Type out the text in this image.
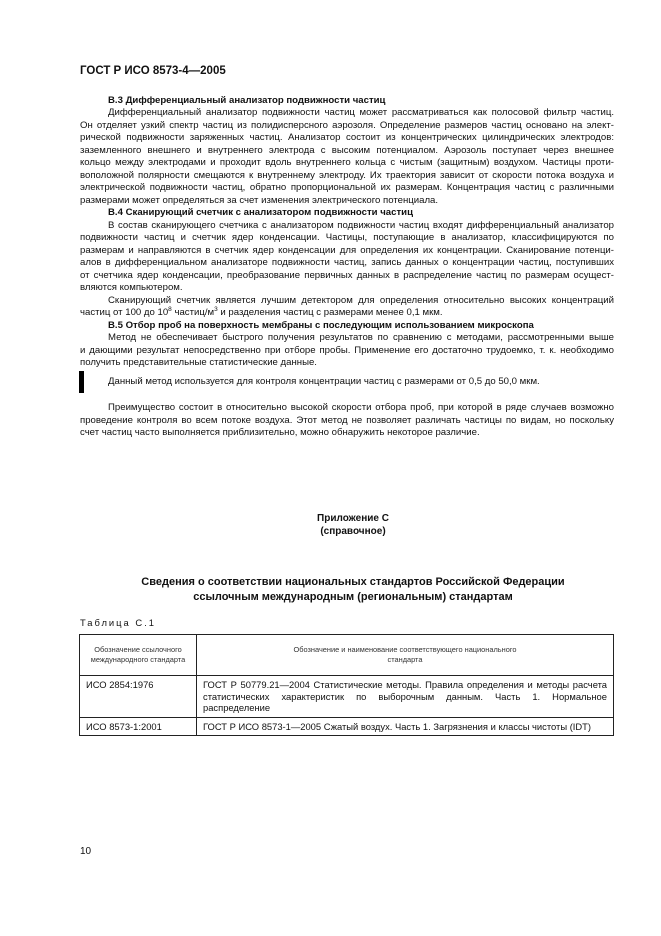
ГОСТ Р ИСО 8573-4—2005
В.3 Дифференциальный анализатор подвижности частиц
Дифференциальный анализатор подвижности частиц может рассматриваться как полосовой фильтр частиц.
Он отделяет узкий спектр частиц из полидисперсного аэрозоля. Определение размеров частиц основано на элект-
рической подвижности заряженных частиц. Анализатор состоит из концентрических цилиндрических электродов:
заземленного внешнего и внутреннего электрода с высоким потенциалом. Аэрозоль поступает через внешнее
кольцо между электродами и проходит вдоль внутреннего кольца с чистым (защитным) воздухом. Частицы проти-
воположной полярности смещаются к внутреннему электроду. Их траектория зависит от скорости потока воздуха и
электрической подвижности частиц, обратно пропорциональной их размерам. Концентрация частиц с различными
размерами может определяться за счет изменения электрического потенциала.
В.4 Сканирующий счетчик с анализатором подвижности частиц
В состав сканирующего счетчика с анализатором подвижности частиц входят дифференциальный анализатор
подвижности частиц и счетчик ядер конденсации. Частицы, поступающие в анализатор, классифицируются по
размерам и направляются в счетчик ядер конденсации для определения их концентрации. Сканирование потенци-
алов в дифференциальном анализаторе подвижности частиц, запись данных о концентрации частиц, поступивших
от счетчика ядер конденсации, преобразование первичных данных в распределение частиц по размерам осущест-
вляются компьютером.
Сканирующий счетчик является лучшим детектором для определения относительно высоких концентраций
частиц от 100 до $10^8$ частиц/$м^3$ и разделения частиц с размерами менее 0,1 мкм.
В.5 Отбор проб на поверхность мембраны с последующим использованием микроскопа
Метод не обеспечивает быстрого получения результатов по сравнению с методами, рассмотренными выше
и дающими результат непосредственно при отборе пробы. Применение его достаточно трудоемко, т. к. необходимо
получить представительные статистические данные.
Данный метод используется для контроля концентрации частиц с размерами от 0,5 до 50,0 мкм.
Преимущество состоит в относительно высокой скорости отбора проб, при которой в ряде случаев возможно
проведение контроля во всем потоке воздуха. Этот метод не позволяет различать частицы по видам, но поскольку
счет частиц часто выполняется приблизительно, можно обнаружить некоторое различие.
Приложение С
(справочное)
Сведения о соответствии национальных стандартов Российской Федерации
ссылочным международным (региональным) стандартам
Таблица С.1
Обозначение ссылочного международного стандарта	Обозначение и наименование соответствующего национального стандарта
ИСО 2854:1976	ГОСТ Р 50779.21—2004 Статистические методы. Правила определения и методы расчета статистических характеристик по выборочным данным. Часть 1. Нормальное распределение
ИСО 8573-1:2001	ГОСТ Р ИСО 8573-1—2005 Сжатый воздух. Часть 1. Загрязнения и классы чистоты (IDT)
10
